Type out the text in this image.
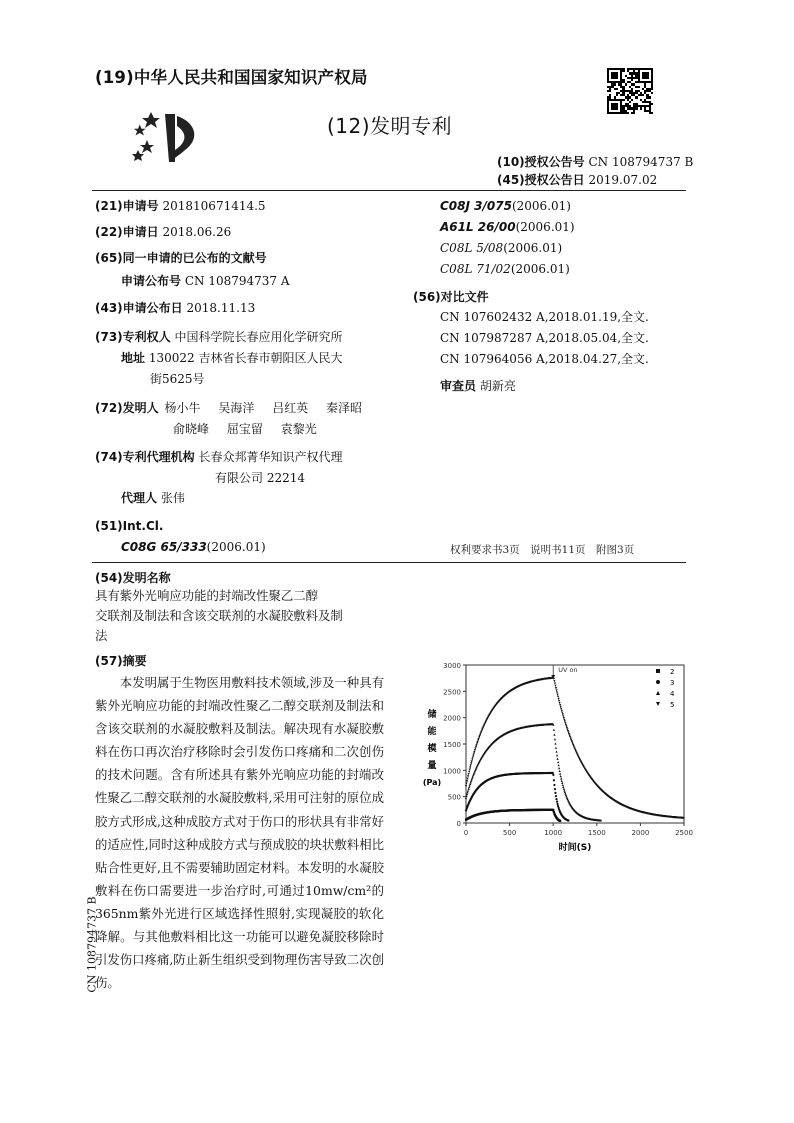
(19)中华人民共和国国家知识产权局
(12)发明专利
(10)授权公告号 CN 108794737 B
(45)授权公告日 2019.07.02
(21)申请号 201810671414.5
(22)申请日 2018.06.26
(65)同一申请的已公布的文献号
申请公布号 CN 108794737 A
(43)申请公布日 2018.11.13
(73)专利权人 中国科学院长春应用化学研究所
地址 130022 吉林省长春市朝阳区人民大
街5625号
(72)发明人 杨小牛 吴海洋 吕红英 秦泽昭
俞晓峰 屈宝留 袁黎光
(74)专利代理机构 长春众邦菁华知识产权代理
有限公司 22214
代理人 张伟
(51)Int.Cl.
C08G 65/333(2006.01)
C08J 3/075(2006.01)
A61L 26/00(2006.01)
C08L 5/08(2006.01)
C08L 71/02(2006.01)
(56)对比文件
CN 107602432 A,2018.01.19,全文.
CN 107987287 A,2018.05.04,全文.
CN 107964056 A,2018.04.27,全文.
审查员 胡新亮
权利要求书3页　说明书11页　附图3页
(54)发明名称
具有紫外光响应功能的封端改性聚乙二醇
交联剂及制法和含该交联剂的水凝胶敷料及制
法
(57)摘要
本发明属于生物医用敷料技术领域,涉及一种具有紫外光响应功能的封端改性聚乙二醇交联剂及制法和含该交联剂的水凝胶敷料及制法。解决现有水凝胶敷料在伤口再次治疗移除时会引发伤口疼痛和二次创伤的技术问题。含有所述具有紫外光响应功能的封端改性聚乙二醇交联剂的水凝胶敷料,采用可注射的原位成胶方式形成,这种成胶方式对于伤口的形状具有非常好的适应性,同时这种成胶方式与预成胶的块状敷料相比贴合性更好,且不需要辅助固定材料。本发明的水凝胶敷料在伤口需要进一步治疗时,可通过10mw/cm²的365nm紫外光进行区域选择性照射,实现凝胶的软化降解。与其他敷料相比这一功能可以避免凝胶移除时引发伤口疼痛,防止新生组织受到物理伤害导致二次创伤。
CN 108794737 B
0
500
1000
1500
2000
2500
3000
0	500	1000	1500	2000	2500
储
能
模
量
(Pa)
时间(S)
UV on	2
3
4
5
